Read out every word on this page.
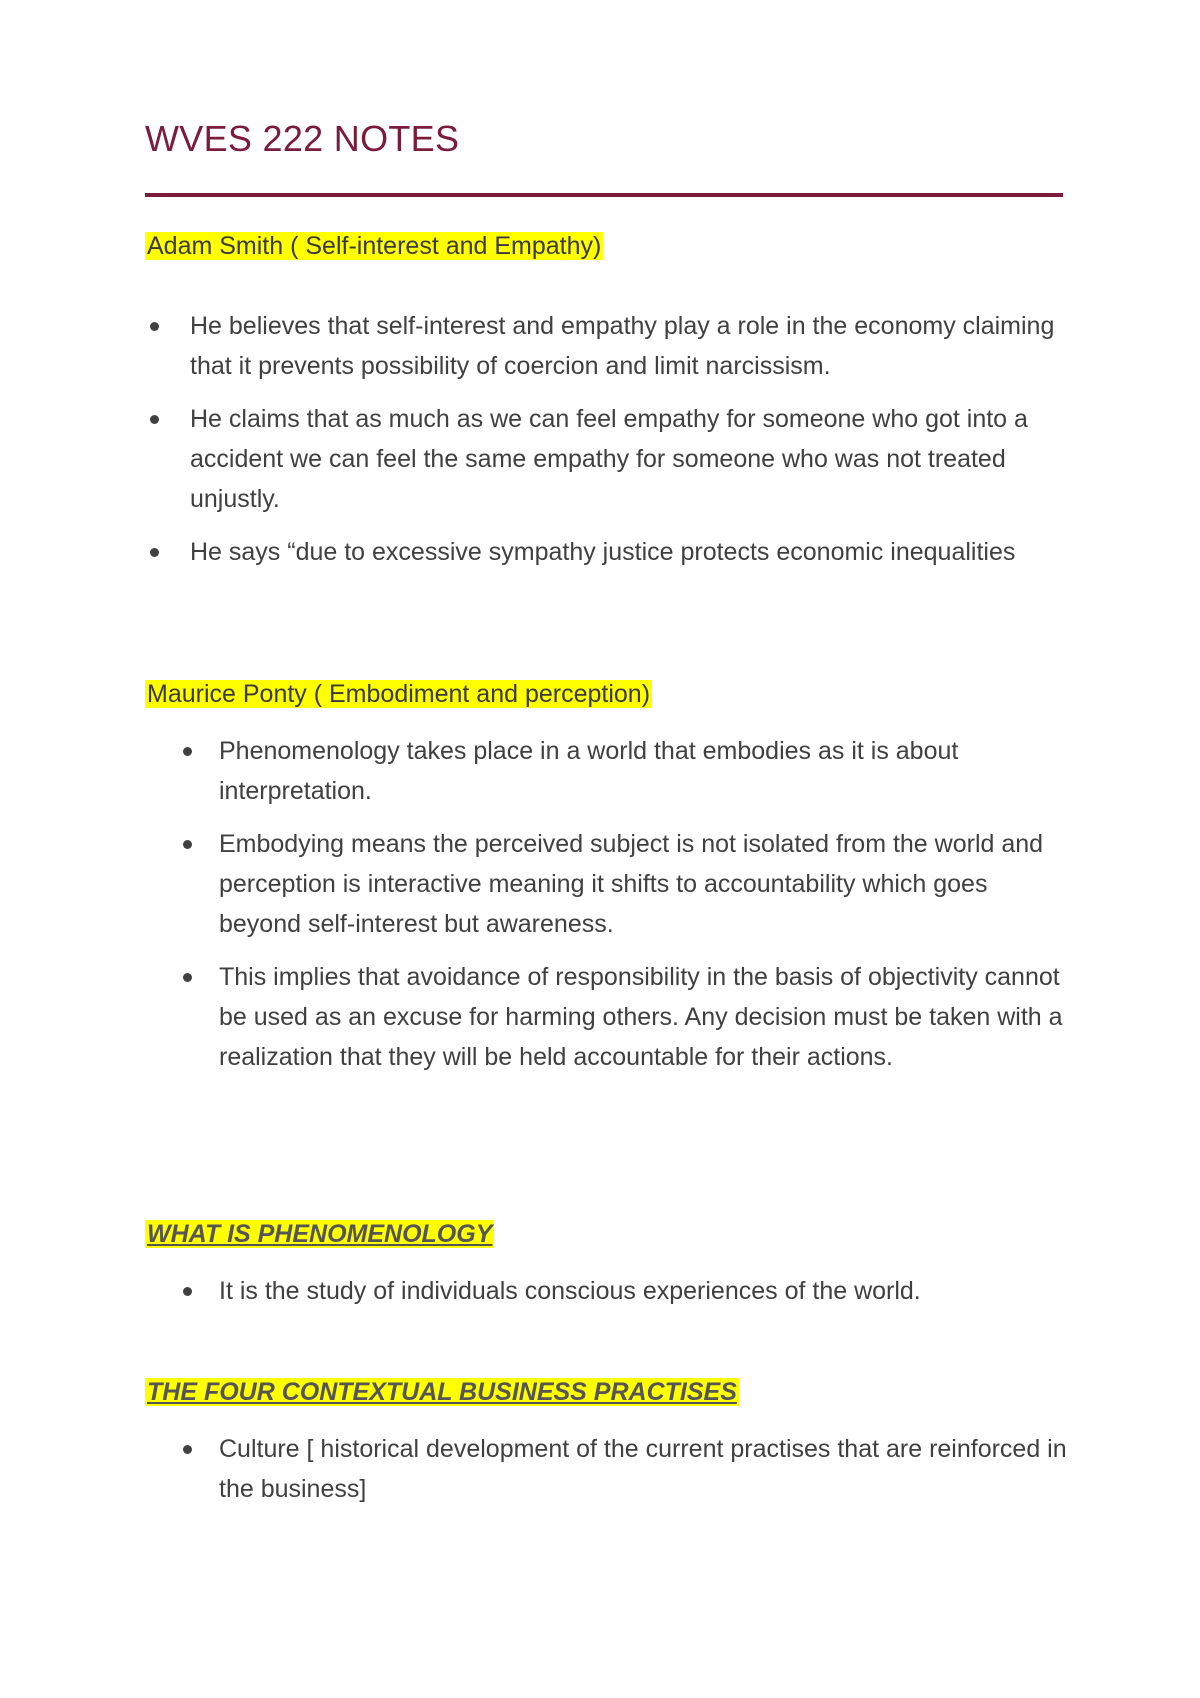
WVES 222 NOTES
Adam Smith ( Self-interest and Empathy)
He believes that self-interest and empathy play a role in the economy claiming that it prevents possibility of coercion and limit narcissism.
He claims that as much as we can feel empathy for someone who got into a accident we can feel the same empathy for someone who was not treated unjustly.
He says “due to excessive sympathy justice protects economic inequalities
Maurice Ponty ( Embodiment and perception)
Phenomenology takes place in a world that embodies as it is about interpretation.
Embodying means the perceived subject is not isolated from the world and perception is interactive meaning it shifts to accountability which goes beyond self-interest but awareness.
This implies that avoidance of responsibility in the basis of objectivity cannot be used as an excuse for harming others. Any decision must be taken with a realization that they will be held accountable for their actions.
WHAT IS PHENOMENOLOGY
It is the study of individuals conscious experiences of the world.
THE FOUR CONTEXTUAL BUSINESS PRACTISES
Culture [ historical development of the current practises that are reinforced in the business]
